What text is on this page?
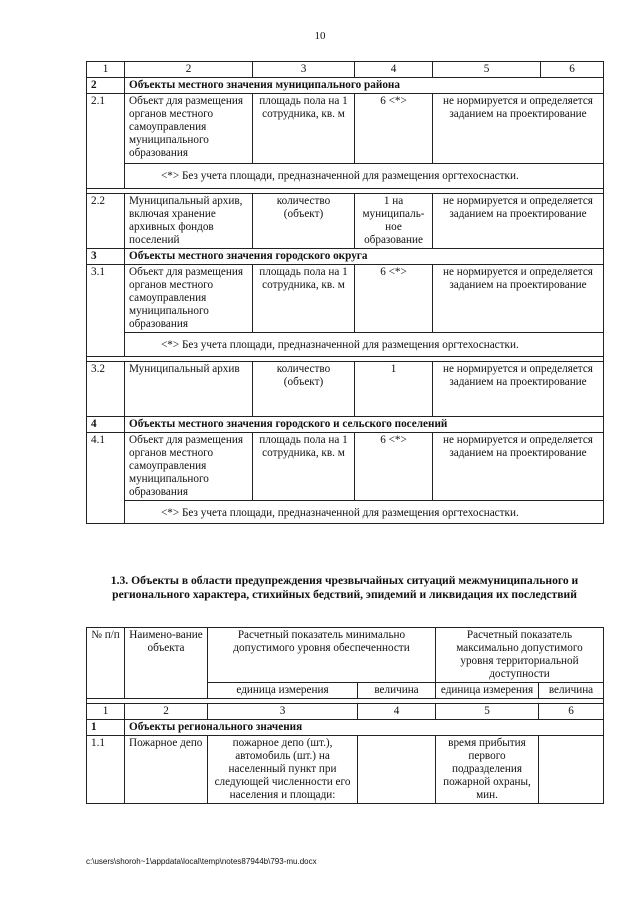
10
1	2	3	4	5	6
2	Объекты местного значения муниципального района				
2.1	Объект для размещения органов местного самоуправления муниципального образования	площадь пола на 1 сотрудника, кв. м	6 <*>	не нормируется и определяется заданием на проектирование	
	<*> Без учета площади, предназначенной для размещения оргтехоснастки.				

2.2	Муниципальный архив, включая хранение архивных фондов поселений	количество (объект)	1 на муниципаль-ное образование	не нормируется и определяется заданием на проектирование	
3	Объекты местного значения городского округа				
3.1	Объект для размещения органов местного самоуправления муниципального образования	площадь пола на 1 сотрудника, кв. м	6 <*>	не нормируется и определяется заданием на проектирование	
	<*> Без учета площади, предназначенной для размещения оргтехоснастки.				

3.2	Муниципальный архив	количество (объект)	1	не нормируется и определяется заданием на проектирование	
4	Объекты местного значения городского и сельского поселений				
4.1	Объект для размещения органов местного самоуправления муниципального образования	площадь пола на 1 сотрудника, кв. м	6 <*>	не нормируется и определяется заданием на проектирование	
	<*> Без учета площади, предназначенной для размещения оргтехоснастки.				
1.3. Объекты в области предупреждения чрезвычайных ситуаций межмуниципального и регионального характера, стихийных бедствий, эпидемий и ликвидация их последствий
№ п/п	Наимено-вание объекта	Расчетный показатель минимально допустимого уровня обеспеченности		Расчетный показатель максимально допустимого уровня территориальной доступности	
		единица измерения	величина	единица измерения	величина

1	2	3	4	5	6
1	Объекты регионального значения				
1.1	Пожарное депо	пожарное депо (шт.), автомобиль (шт.) на населенный пункт при следующей численности его населения и площади:		время прибытия первого подразделения пожарной охраны, мин.	
c:\users\shoroh~1\appdata\local\temp\notes87944b\793-mu.docx
